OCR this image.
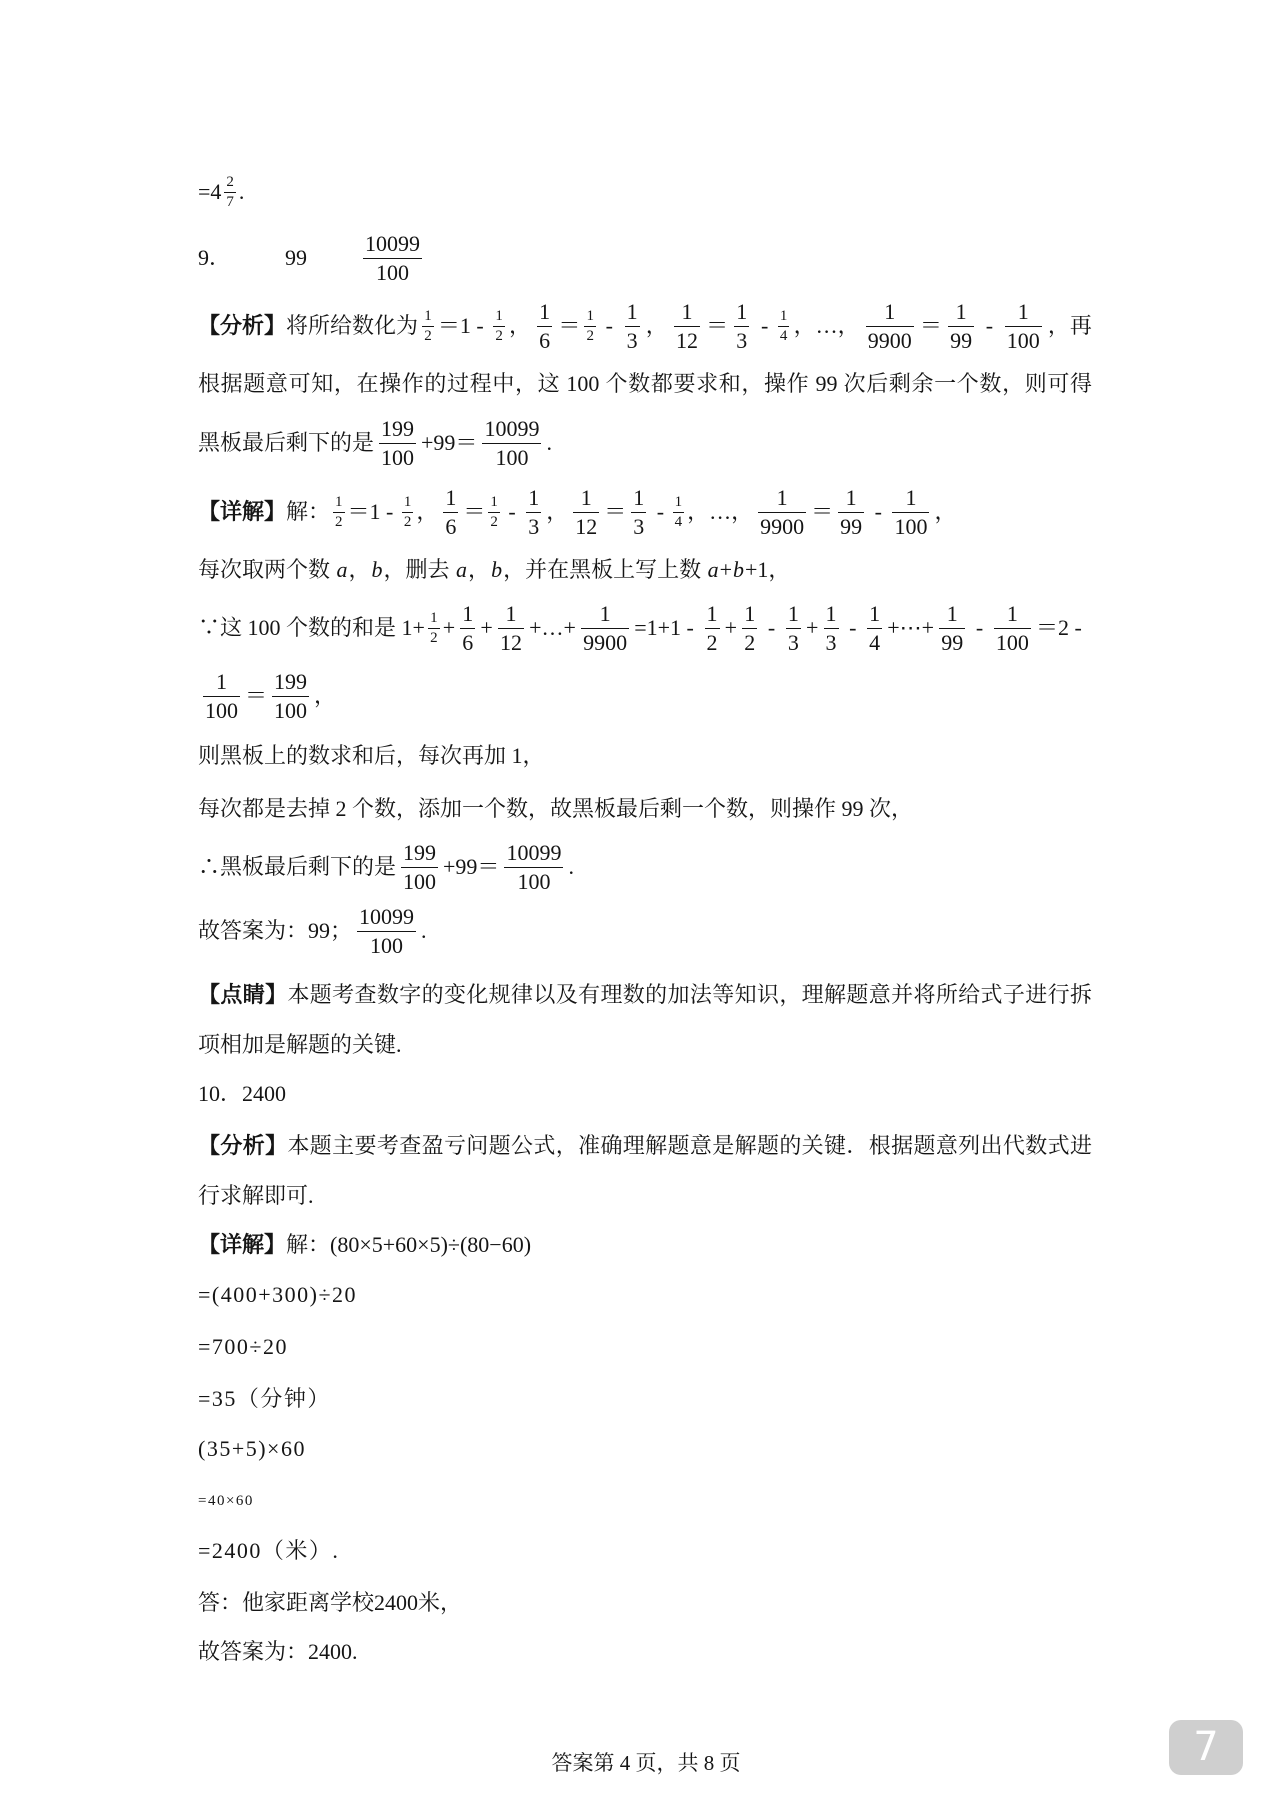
$=4 \frac{2}{7}$ .
9． 99	$\frac{10099}{100}$
【分析】将所给数化为 $\frac{1}{2} =1 - \frac{1}{2}$ ， $\frac{1}{6} = \frac{1}{2} - \frac{1}{3}$ ， $\frac{1}{12} = \frac{1}{3} - \frac{1}{4}$ ，…， $\frac{1}{9900} = \frac{1}{99} - \frac{1}{100}$ ，再
根据题意可知，在操作的过程中，这 100 个数都要求和，操作 99 次后剩余一个数，则可得
黑板最后剩下的是 $\frac{199}{100} +99= \frac{10099}{100}$ .
【详解】解： $\frac{1}{2} =1 - \frac{1}{2}$ ， $\frac{1}{6} = \frac{1}{2} - \frac{1}{3}$ ， $\frac{1}{12} = \frac{1}{3} - \frac{1}{4}$ ，…， $\frac{1}{9900} = \frac{1}{99} - \frac{1}{100}$ ，
每次取两个数 a ， b ，删去 a ， b ，并在黑板上写上数 a + b +1，
∵这 100 个数的和是 $1+ \frac{1}{2} + \frac{1}{6} + \frac{1}{12}$ +…+ $\frac{1}{9900} =1+1 - \frac{1}{2} + \frac{1}{2} - \frac{1}{3} + \frac{1}{3} - \frac{1}{4}$ +⋯+ $\frac{1}{99} - \frac{1}{100} =2$ -
$\frac{1}{100} = \frac{199}{100}$ ，
则黑板上的数求和后，每次再加 1，
每次都是去掉 2 个数，添加一个数，故黑板最后剩一个数，则操作 99 次，
∴黑板最后剩下的是 $\frac{199}{100} +99= \frac{10099}{100}$ .
故答案为：99； $\frac{10099}{100}$ .
【点睛】本题考查数字的变化规律以及有理数的加法等知识，理解题意并将所给式子进行拆
项相加是解题的关键.
10．2400
【分析】本题主要考查盈亏问题公式，准确理解题意是解题的关键．根据题意列出代数式进
行求解即可.
【详解】解：(80×5+60×5)÷(80−60)
=(400+300)÷20
=700÷20
=35（分钟）
(35+5)×60
=40×60
=2400（米）.
答：他家距离学校2400米，
故答案为：2400.
答案第 4 页，共 8 页	7
